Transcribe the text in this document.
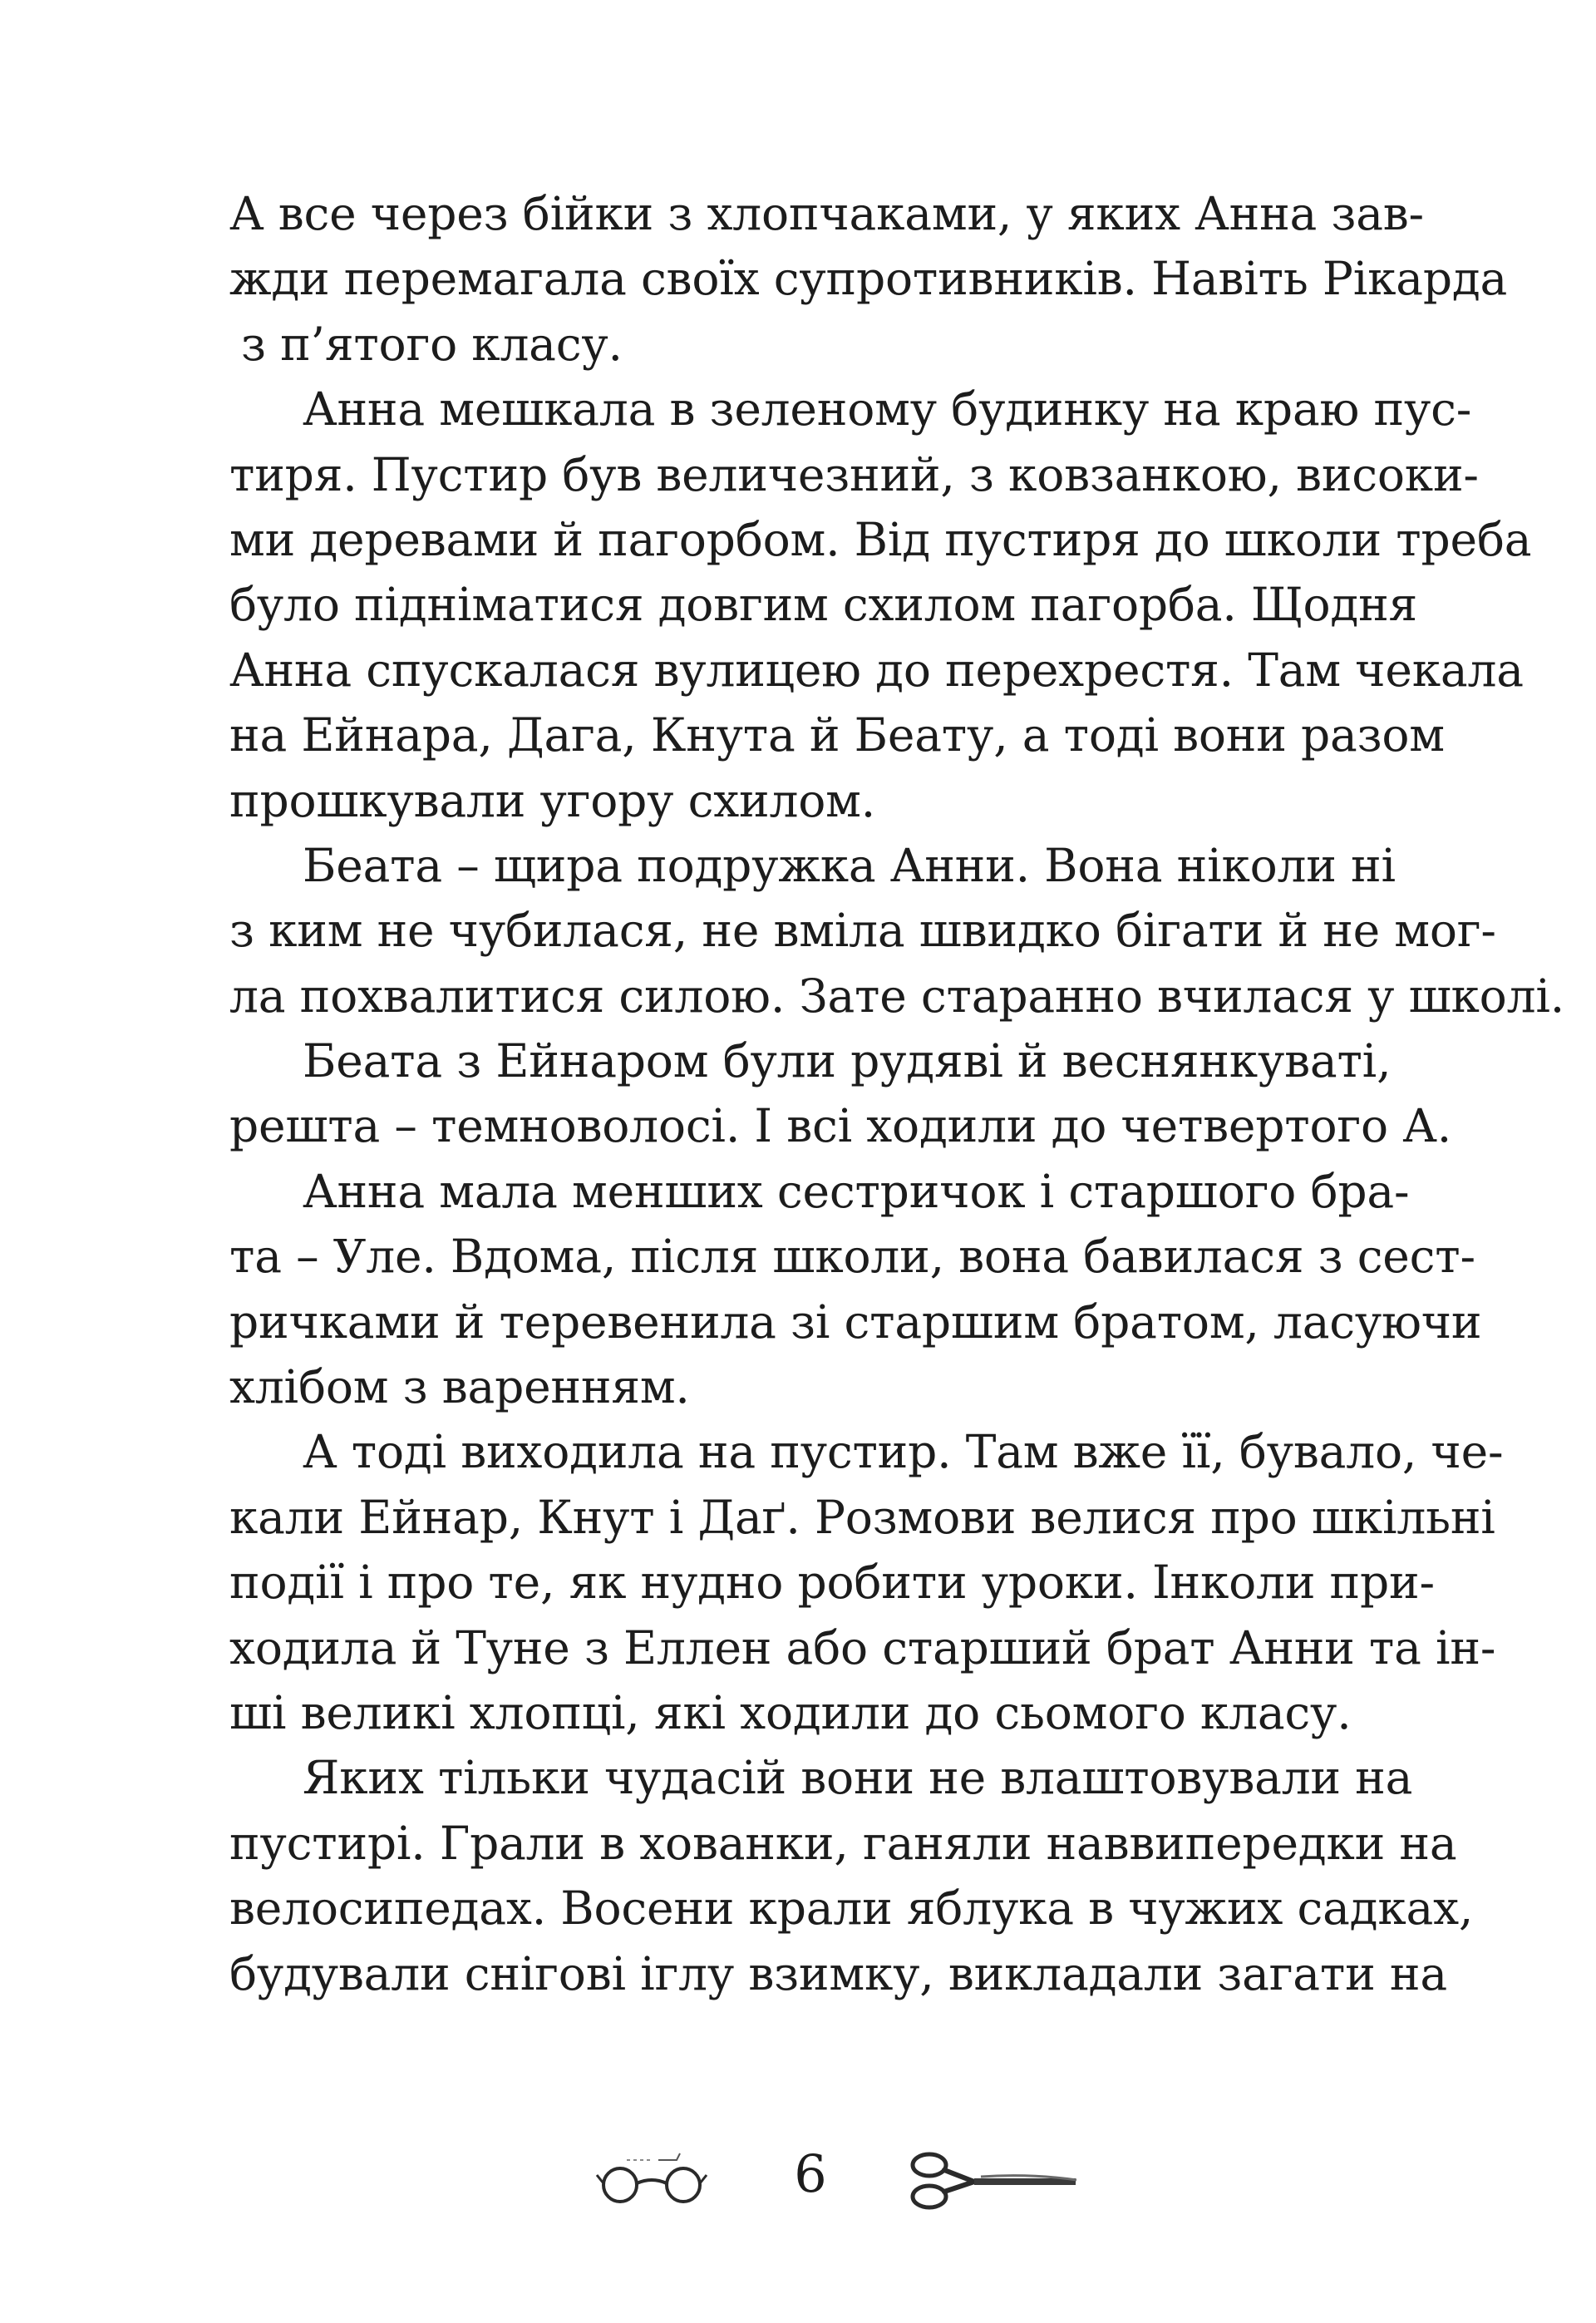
А все через бійки з хлопчаками, у яких Анна зав-
жди перемагала своїх супротивників. Навіть Рікарда
з п’ятого класу.
Анна мешкала в зеленому будинку на краю пус-
тиря. Пустир був величезний, з ковзанкою, високи-
ми деревами й пагорбом. Від пустиря до школи треба
було підніматися довгим схилом пагорба. Щодня
Анна спускалася вулицею до перехрестя. Там чекала
на Ейнара, Дага, Кнута й Беату, а тоді вони разом
прошкували угору схилом.
Беата – щира подружка Анни. Вона ніколи ні
з ким не чубилася, не вміла швидко бігати й не мог-
ла похвалитися силою. Зате старанно вчилася у школі.
Беата з Ейнаром були рудяві й веснянкуваті,
решта – темноволосі. І всі ходили до четвертого А.
Анна мала менших сестричок і старшого бра-
та – Уле. Вдома, після школи, вона бавилася з сест-
ричками й теревенила зі старшим братом, ласуючи
хлібом з варенням.
А тоді виходила на пустир. Там вже її, бувало, че-
кали Ейнар, Кнут і Даґ. Розмови велися про шкільні
події і про те, як нудно робити уроки. Інколи при-
ходила й Туне з Еллен або старший брат Анни та ін-
ші великі хлопці, які ходили до сьомого класу.
Яких тільки чудасій вони не влаштовували на
пустирі. Грали в хованки, ганяли наввипередки на
велосипедах. Восени крали яблука в чужих садках,
будували снігові іглу взимку, викладали загати на
6
